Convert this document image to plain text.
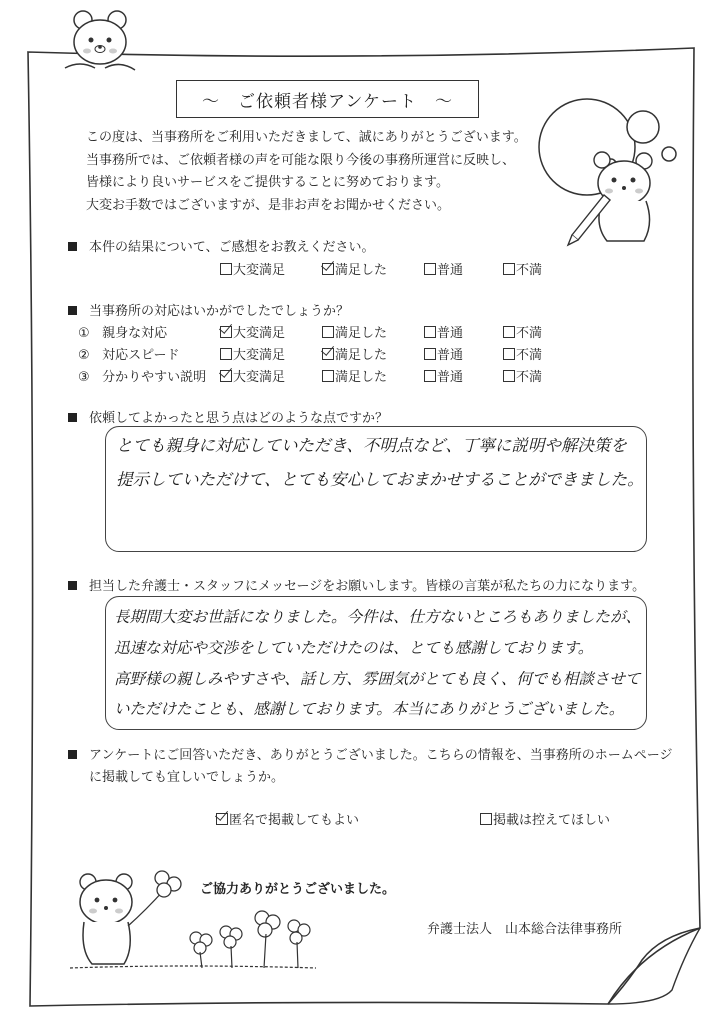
～　ご依頼者様アンケート　～
この度は、当事務所をご利用いただきまして、誠にありがとうございます。
当事務所では、ご依頼者様の声を可能な限り今後の事務所運営に反映し、
皆様により良いサービスをご提供することに努めております。
大変お手数ではございますが、是非お声をお聞かせください。
本件の結果について、ご感想をお教えください。
大変満足	満足した	普通	不満
当事務所の対応はいかがでしたでしょうか？
① 親身な対応	大変満足	満足した	普通	不満
② 対応スピード	大変満足	満足した	普通	不満
③ 分かりやすい説明	大変満足	満足した	普通	不満
依頼してよかったと思う点はどのような点ですか？
とても親身に対応していただき、不明点など、丁寧に説明や解決策を
提示していただけて、とても安心しておまかせすることができました。
担当した弁護士・スタッフにメッセージをお願いします。皆様の言葉が私たちの力になります。
長期間大変お世話になりました。今件は、仕方ないところもありましたが、
迅速な対応や交渉をしていただけたのは、とても感謝しております。
高野様の親しみやすさや、話し方、雰囲気がとても良く、何でも相談させて
いただけたことも、感謝しております。本当にありがとうございました。
アンケートにご回答いただき、ありがとうございました。こちらの情報を、当事務所のホームページ
に掲載しても宜しいでしょうか。
匿名で掲載してもよい	掲載は控えてほしい
ご協力ありがとうございました。
弁護士法人　山本総合法律事務所
